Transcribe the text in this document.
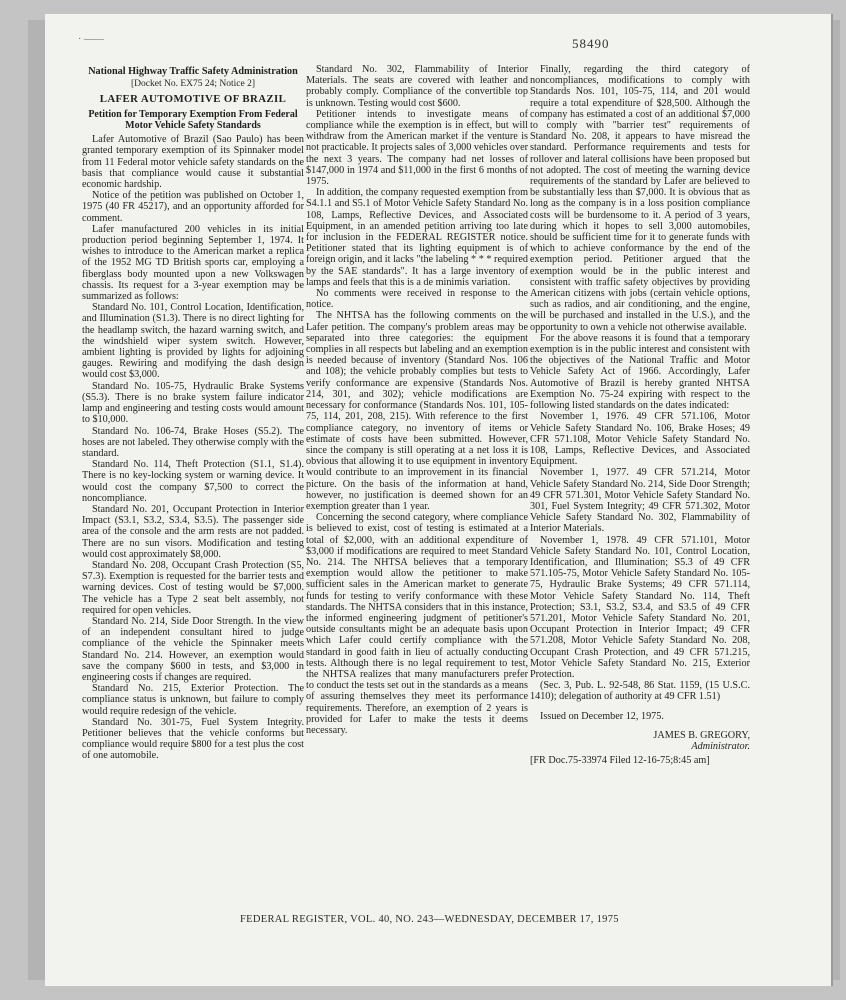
· ——	58490

National Highway Traffic Safety Administration

[Docket No. EX75 24; Notice 2]

LAFER AUTOMOTIVE OF BRAZIL

Petition for Temporary Exemption From Federal Motor Vehicle Safety Standards

Lafer Automotive of Brazil (Sao Paulo) has been granted temporary exemption of its Spinnaker model from 11 Federal motor vehicle safety standards on the basis that compliance would cause it substantial economic hardship.

Notice of the petition was published on October 1, 1975 (40 FR 45217), and an opportunity afforded for comment.

Lafer manufactured 200 vehicles in its initial production period beginning September 1, 1974. It wishes to introduce to the American market a replica of the 1952 MG TD British sports car, employing a fiberglass body mounted upon a new Volkswagen chassis. Its request for a 3-year exemption may be summarized as follows:

Standard No. 101, Control Location, Identification, and Illumination (S1.3). There is no direct lighting for the headlamp switch, the hazard warning switch, and the windshield wiper system switch. However, ambient lighting is provided by lights for adjoining gauges. Rewiring and modifying the dash design would cost $3,000.

Standard No. 105-75, Hydraulic Brake Systems (S5.3). There is no brake system failure indicator lamp and engineering and testing costs would amount to $10,000.

Standard No. 106-74, Brake Hoses (S5.2). The hoses are not labeled. They otherwise comply with the standard.

Standard No. 114, Theft Protection (S1.1, S1.4). There is no key-locking system or warning device. It would cost the company $7,500 to correct the noncompliance.

Standard No. 201, Occupant Protection in Interior Impact (S3.1, S3.2, S3.4, S3.5). The passenger side area of the console and the arm rests are not padded. There are no sun visors. Modification and testing would cost approximately $8,000.

Standard No. 208, Occupant Crash Protection (S5, S7.3). Exemption is requested for the barrier tests and warning devices. Cost of testing would be $7,000. The vehicle has a Type 2 seat belt assembly, not required for open vehicles.

Standard No. 214, Side Door Strength. In the view of an independent consultant hired to judge compliance of the vehicle the Spinnaker meets Standard No. 214. However, an exemption would save the company $600 in tests, and $3,000 in engineering costs if changes are required.

Standard No. 215, Exterior Protection. The compliance status is unknown, but failure to comply would require redesign of the vehicle.

Standard No. 301-75, Fuel System Integrity. Petitioner believes that the vehicle conforms but compliance would require $800 for a test plus the cost of one automobile.

Standard No. 302, Flammability of Interior Materials. The seats are covered with leather and probably comply. Compliance of the convertible top is unknown. Testing would cost $600.

Petitioner intends to investigate means of compliance while the exemption is in effect, but will withdraw from the American market if the venture is not practicable. It projects sales of 3,000 vehicles over the next 3 years. The company had net losses of $147,000 in 1974 and $11,000 in the first 6 months of 1975.

In addition, the company requested exemption from S4.1.1 and S5.1 of Motor Vehicle Safety Standard No. 108, Lamps, Reflective Devices, and Associated Equipment, in an amended petition arriving too late for inclusion in the FEDERAL REGISTER notice. Petitioner stated that its lighting equipment is of foreign origin, and it lacks "the labeling * * * required by the SAE standards". It has a large inventory of lamps and feels that this is a de minimis variation.

No comments were received in response to the notice.

The NHTSA has the following comments on the Lafer petition. The company's problem areas may be separated into three categories: the equipment complies in all respects but labeling and an exemption is needed because of inventory (Standard Nos. 106 and 108); the vehicle probably complies but tests to verify conformance are expensive (Standards Nos. 214, 301, and 302); vehicle modifications are necessary for conformance (Standards Nos. 101, 105-75, 114, 201, 208, 215). With reference to the first compliance category, no inventory of items or estimate of costs have been submitted. However, since the company is still operating at a net loss it is obvious that allowing it to use equipment in inventory would contribute to an improvement in its financial picture. On the basis of the information at hand, however, no justification is deemed shown for an exemption greater than 1 year.

Concerning the second category, where compliance is believed to exist, cost of testing is estimated at a total of $2,000, with an additional expenditure of $3,000 if modifications are required to meet Standard No. 214. The NHTSA believes that a temporary exemption would allow the petitioner to make sufficient sales in the American market to generate funds for testing to verify conformance with these standards. The NHTSA considers that in this instance, the informed engineering judgment of petitioner's outside consultants might be an adequate basis upon which Lafer could certify compliance with the standard in good faith in lieu of actually conducting tests. Although there is no legal requirement to test, the NHTSA realizes that many manufacturers prefer to conduct the tests set out in the standards as a means of assuring themselves they meet its performance requirements. Therefore, an exemption of 2 years is provided for Lafer to make the tests it deems necessary.

Finally, regarding the third category of noncompliances, modifications to comply with Standards Nos. 101, 105-75, 114, and 201 would require a total expenditure of $28,500. Although the company has estimated a cost of an additional $7,000 to comply with "barrier test" requirements of Standard No. 208, it appears to have misread the standard. Performance requirements and tests for rollover and lateral collisions have been proposed but not adopted. The cost of meeting the warning device requirements of the standard by Lafer are believed to be substantially less than $7,000. It is obvious that as long as the company is in a loss position compliance costs will be burdensome to it. A period of 3 years, during which it hopes to sell 3,000 automobiles, should be sufficient time for it to generate funds with which to achieve conformance by the end of the exemption period. Petitioner argued that the exemption would be in the public interest and consistent with traffic safety objectives by providing American citizens with jobs (certain vehicle options, such as radios, and air conditioning, and the engine, will be purchased and installed in the U.S.), and the opportunity to own a vehicle not otherwise available.

For the above reasons it is found that a temporary exemption is in the public interest and consistent with the objectives of the National Traffic and Motor Vehicle Safety Act of 1966. Accordingly, Lafer Automotive of Brazil is hereby granted NHTSA Exemption No. 75-24 expiring with respect to the following listed standards on the dates indicated:

November 1, 1976. 49 CFR 571.106, Motor Vehicle Safety Standard No. 106, Brake Hoses; 49 CFR 571.108, Motor Vehicle Safety Standard No. 108, Lamps, Reflective Devices, and Associated Equipment.

November 1, 1977. 49 CFR 571.214, Motor Vehicle Safety Standard No. 214, Side Door Strength; 49 CFR 571.301, Motor Vehicle Safety Standard No. 301, Fuel System Integrity; 49 CFR 571.302, Motor Vehicle Safety Standard No. 302, Flammability of Interior Materials.

November 1, 1978. 49 CFR 571.101, Motor Vehicle Safety Standard No. 101, Control Location, Identification, and Illumination; S5.3 of 49 CFR 571.105-75, Motor Vehicle Safety Standard No. 105-75, Hydraulic Brake Systems; 49 CFR 571.114, Motor Vehicle Safety Standard No. 114, Theft Protection; S3.1, S3.2, S3.4, and S3.5 of 49 CFR 571.201, Motor Vehicle Safety Standard No. 201, Occupant Protection in Interior Impact; 49 CFR 571.208, Motor Vehicle Safety Standard No. 208, Occupant Crash Protection, and 49 CFR 571.215, Motor Vehicle Safety Standard No. 215, Exterior Protection.

(Sec. 3, Pub. L. 92-548, 86 Stat. 1159, (15 U.S.C. 1410); delegation of authority at 49 CFR 1.51)

Issued on December 12, 1975.

JAMES B. GREGORY,

Administrator.

[FR Doc.75-33974 Filed 12-16-75;8:45 am]

FEDERAL REGISTER, VOL. 40, NO. 243—WEDNESDAY, DECEMBER 17, 1975
